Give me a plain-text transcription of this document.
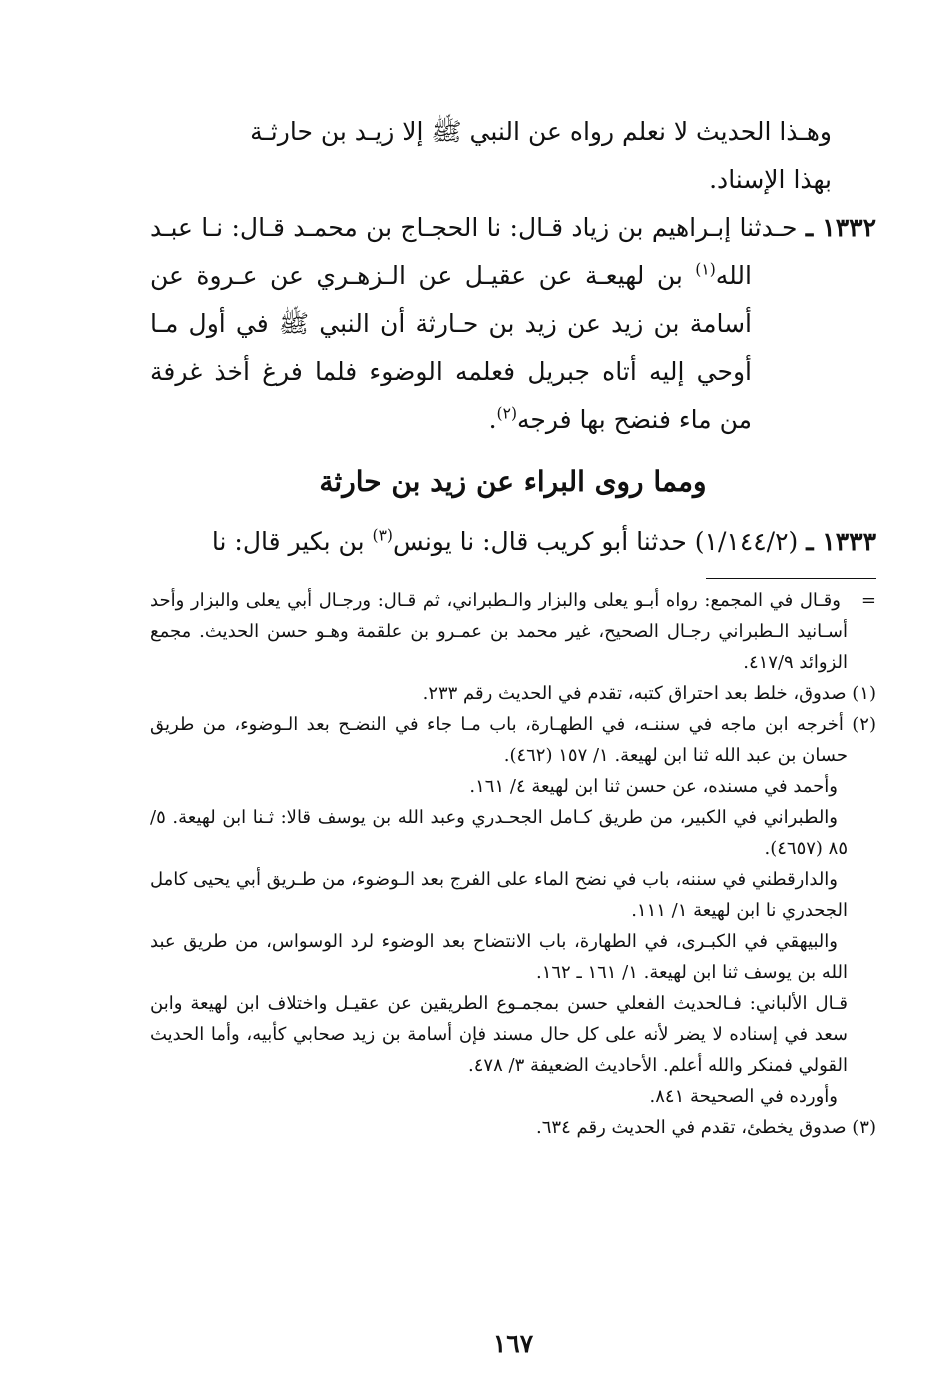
وهـذا الحديث لا نعلم رواه عن النبي ﷺ إلا زيـد بن حارثـة

بهذا الإسناد.

١٣٣٢ ـ حـدثنا إبـراهيم بن زياد قـال: نا الحجـاج بن محمـد قـال: نـا عبـد الله$^{(١)}$ بن لهيعـة عن عقيـل عن الـزهـري عن عـروة عن أسامة بن زيد عن زيد بن حـارثة أن النبي ﷺ في أول مـا أوحي إليه أتاه جبريل فعلمه الوضوء فلما فرغ أخذ غرفة من ماء فنضح بها فرجه$^{(٢)}$.

ومما روى البراء عن زيد بن حارثة

١٣٣٣ ـ (١/١٤٤/٢) حدثنا أبو كريب قال: نا يونس$^{(٣)}$ بن بكير قال: نا

=   وقـال في المجمع: رواه أبـو يعلى والبزار والـطبراني، ثم قـال: ورجـال أبي يعلى والبزار وأحد أسـانيد الـطبراني رجـال الصحيح، غير محمد بن عمـرو بن علقمة وهـو حسن الحديث. مجمع الزوائد ٤١٧/٩.

(١) صدوق، خلط بعد احتراق كتبه، تقدم في الحديث رقم ٢٣٣.

(٢) أخرجه ابن ماجه في سننـه، في الطهـارة، باب مـا جاء في النضـح بعد الـوضوء، من طريق حسان بن عبد الله ثنا ابن لهيعة. ١/ ١٥٧ (٤٦٢).

وأحمد في مسنده، عن حسن ثنا ابن لهيعة ٤/ ١٦١.

والطبراني في الكبير، من طريق كـامل الجحـدري وعبد الله بن يوسف قالا: ثـنا ابن لهيعة. ٥/ ٨٥ (٤٦٥٧).

والدارقطني في سننه، باب في نضح الماء على الفرج بعد الـوضوء، من طـريق أبي يحيى كامل الجحدري نا ابن لهيعة ١/ ١١١.

والبيهقي في الكبـرى، في الطهارة، باب الانتضاح بعد الوضوء لرد الوسواس، من طريق عبد الله بن يوسف ثنا ابن لهيعة. ١/ ١٦١ ـ ١٦٢.

قـال الألباني: فـالحديث الفعلي حسن بمجمـوع الطريقين عن عقيـل واختلاف ابن لهيعة وابن سعد في إسناده لا يضر لأنه على كل حال مسند فإن أسامة بن زيد صحابي كأبيه، وأما الحديث القولي فمنكر والله أعلم. الأحاديث الضعيفة ٣/ ٤٧٨.

وأورده في الصحيحة ٨٤١.

(٣) صدوق يخطئ، تقدم في الحديث رقم ٦٣٤.

١٦٧
